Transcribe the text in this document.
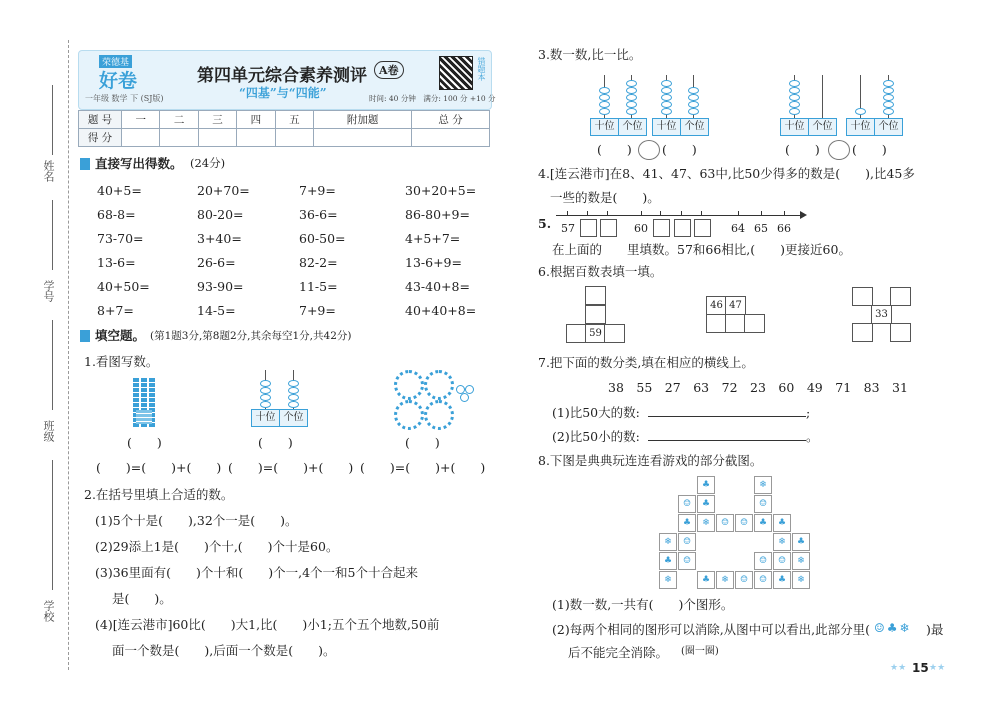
姓名
学号
班级
学校
荣德基
好卷
一年级 数学 下 (SJ版)
第四单元综合素养测评	A卷
“四基”与“四能”
错题本
时间: 40 分钟　满分: 100 分 +10 分
题 号	一	二	三	四	五	附加题	总 分
得 分							
直接写出得数。 (24分)
40+5=	20+70=	7+9=	30+20+5=
68-8=	80-20=	36-6=	86-80+9=
73-70=	3+40=	60-50=	4+5+7=
13-6=	26-6=	82-2=	13-6+9=
40+50=	93-90=	11-5=	43-40+8=
8+7=	14-5=	7+9=	40+40+8=
填空题。 (第1题3分,第8题2分,其余每空1分,共42分)
1.看图写数。
十位 个位
(　　)	(　　)	(　　)
(　　)=(　　)+(　　) (　　)=(　　)+(　　) (　　)=(　　)+(　　)
2.在括号里填上合适的数。
(1)5个十是(　　),32个一是(　　)。
(2)29添上1是(　　)个十,(　　)个十是60。
(3)36里面有(　　)个十和(　　)个一,4个一和5个十合起来
是(　　)。
(4)[连云港市]60比(　　)大1,比(　　)小1;五个五个地数,50前
面一个数是(　　),后面一个数是(　　)。
3.数一数,比一比。
十位 个位	十位 个位	十位 个位	十位 个位
(　　) (　　)	(　　)	(　　)
4.[连云港市]在8、41、47、63中,比50少得多的数是(　　),比45多
一些的数是(　　)。
5. 57	60	64 65 66
在上面的　　里填数。57和66相比,(　　)更接近60。
6.根据百数表填一填。
59
46 47
33
7.把下面的数分类,填在相应的横线上。
38　55　27　63　72　23　60　49　71　83　31
(1)比50大的数:	;
(2)比50小的数:	。
8.下图是典典玩连连看游戏的部分截图。
☺
♣	❄
♣	☺
♣	❄	☺	☺	♣	♣
❄	☺	❄	♣
♣	☺	☺	☺	❄
❄	♣	❄	☺	☺	♣	❄
(1)数一数,一共有(　　)个图形。
(2)每两个相同的图形可以消除,从图中可以看出,此部分里( ☺♣❄	)最
后不能完全消除。 (圈一圈)
★★ 15 ★★
